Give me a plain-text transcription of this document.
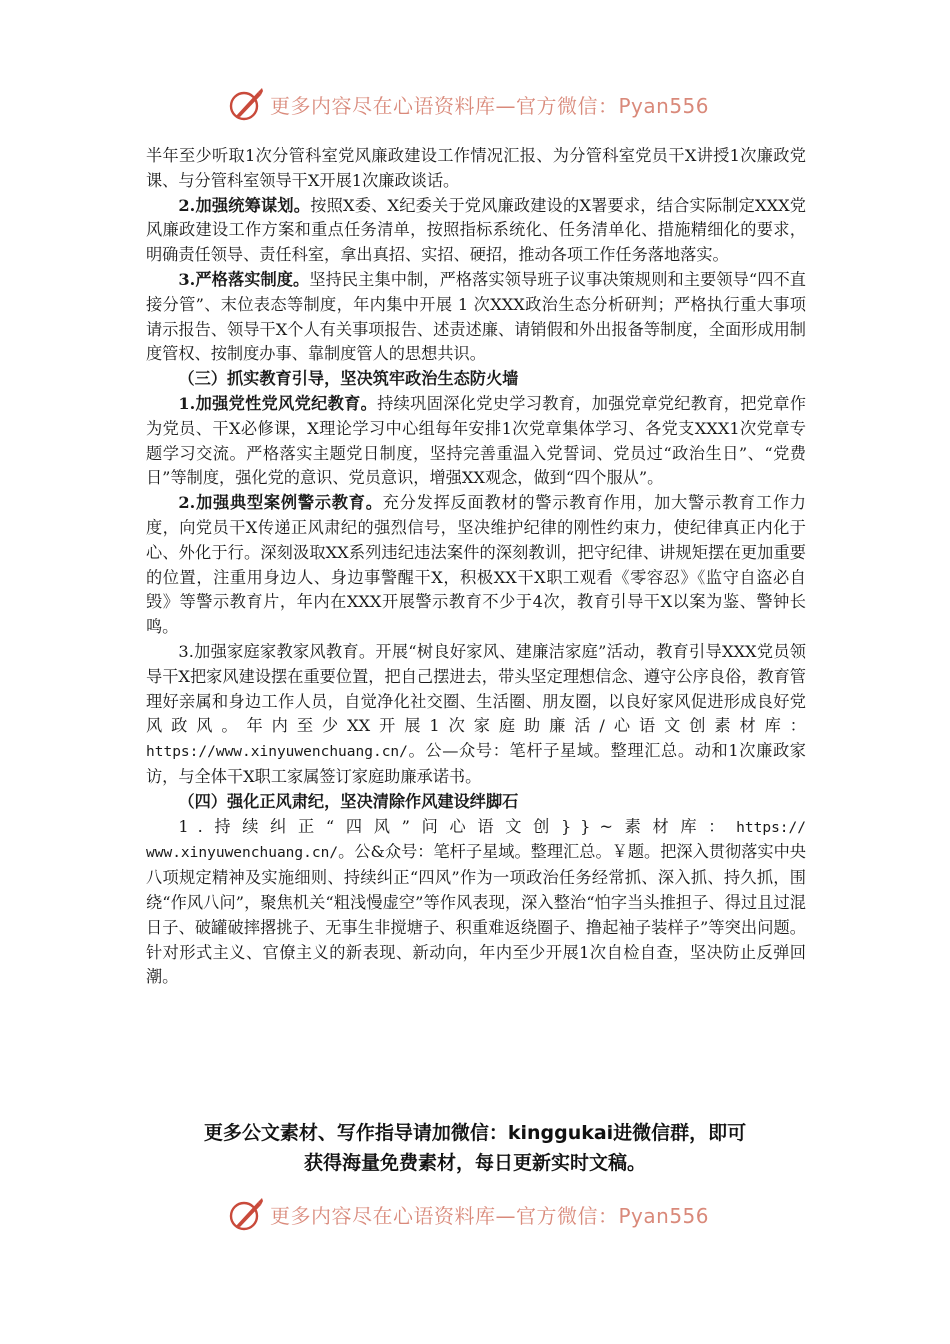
更多内容尽在心语资料库—官方微信：Pyan556

半年至少听取1次分管科室党风廉政建设工作情况汇报、为分管科室党员干X讲授1次廉政党课、与分管科室领导干X开展1次廉政谈话。

2.加强统筹谋划。按照X委、X纪委关于党风廉政建设的X署要求，结合实际制定XXX党风廉政建设工作方案和重点任务清单，按照指标系统化、任务清单化、措施精细化的要求，明确责任领导、责任科室，拿出真招、实招、硬招，推动各项工作任务落地落实。

3.严格落实制度。坚持民主集中制，严格落实领导班子议事决策规则和主要领导“四不直接分管”、末位表态等制度，年内集中开展 1 次XXX政治生态分析研判；严格执行重大事项请示报告、领导干X个人有关事项报告、述责述廉、请销假和外出报备等制度，全面形成用制度管权、按制度办事、靠制度管人的思想共识。

（三）抓实教育引导，坚决筑牢政治生态防火墙

1.加强党性党风党纪教育。持续巩固深化党史学习教育，加强党章党纪教育，把党章作为党员、干X必修课，X理论学习中心组每年安排1次党章集体学习、各党支XXX1次党章专题学习交流。严格落实主题党日制度，坚持完善重温入党誓词、党员过“政治生日”、“党费日”等制度，强化党的意识、党员意识，增强XX观念，做到“四个服从”。

2.加强典型案例警示教育。充分发挥反面教材的警示教育作用，加大警示教育工作力度，向党员干X传递正风肃纪的强烈信号，坚决维护纪律的刚性约束力，使纪律真正内化于心、外化于行。深刻汲取XX系列违纪违法案件的深刻教训，把守纪律、讲规矩摆在更加重要的位置，注重用身边人、身边事警醒干X，积极XX干X职工观看《零容忍》《监守自盗必自毁》等警示教育片，年内在XXX开展警示教育不少于4次，教育引导干X以案为鉴、警钟长鸣。

3.加强家庭家教家风教育。开展“树良好家风、建廉洁家庭”活动，教育引导XXX党员领导干X把家风建设摆在重要位置，把自己摆进去，带头坚定理想信念、遵守公序良俗，教育管理好亲属和身边工作人员，自觉净化社交圈、生活圈、朋友圈，以良好家风促进形成良好党风政风。年内至少XX开展1次家庭助廉活/心语文创素材库：https://www.xinyuwenchuang.cn/。公—众号：笔杆子星域。整理汇总。动和1次廉政家访，与全体干X职工家属签订家庭助廉承诺书。

（四）强化正风肃纪，坚决清除作风建设绊脚石

1.持续纠正“四风”问心语文创}}~素材库：https:// www.xinyuwenchuang.cn/。公&众号：笔杆子星域。整理汇总。￥题。把深入贯彻落实中央八项规定精神及实施细则、持续纠正“四风”作为一项政治任务经常抓、深入抓、持久抓，围绕“作风八问”，聚焦机关“粗浅慢虚空”等作风表现，深入整治“怕字当头推担子、得过且过混日子、破罐破摔撂挑子、无事生非搅塘子、积重难返绕圈子、撸起袖子装样子”等突出问题。针对形式主义、官僚主义的新表现、新动向，年内至少开展1次自检自查，坚决防止反弹回潮。

更多公文素材、写作指导请加微信：kinggukai进微信群，即可
获得海量免费素材，每日更新实时文稿。
更多内容尽在心语资料库—官方微信：Pyan556
